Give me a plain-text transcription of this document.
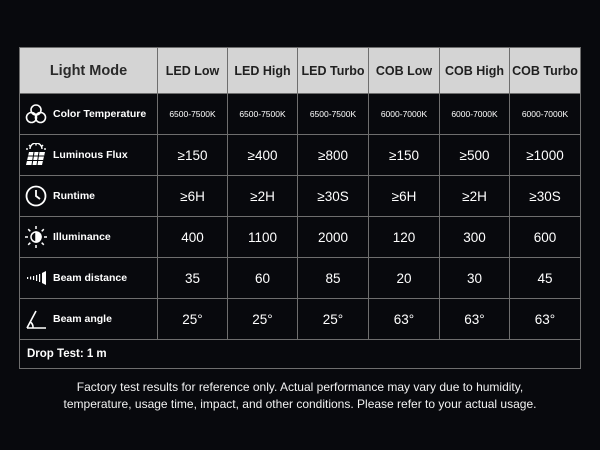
Light Mode	LED Low	LED High	LED Turbo	COB Low	COB High	COB Turbo

Color Temperature	6500-7500K	6500-7500K	6500-7500K	6000-7000K	6000-7000K	6000-7000K

Luminous Flux	≥150	≥400	≥800	≥150	≥500	≥1000

Runtime	≥6H	≥2H	≥30S	≥6H	≥2H	≥30S

Illuminance	400	1100	2000	120	300	600

Beam distance	35	60	85	20	30	45

Beam angle	25°	25°	25°	63°	63°	63°
Drop Test: 1 m						
Factory test results for reference only. Actual performance may vary due to humidity,
temperature, usage time, impact, and other conditions. Please refer to your actual usage.
